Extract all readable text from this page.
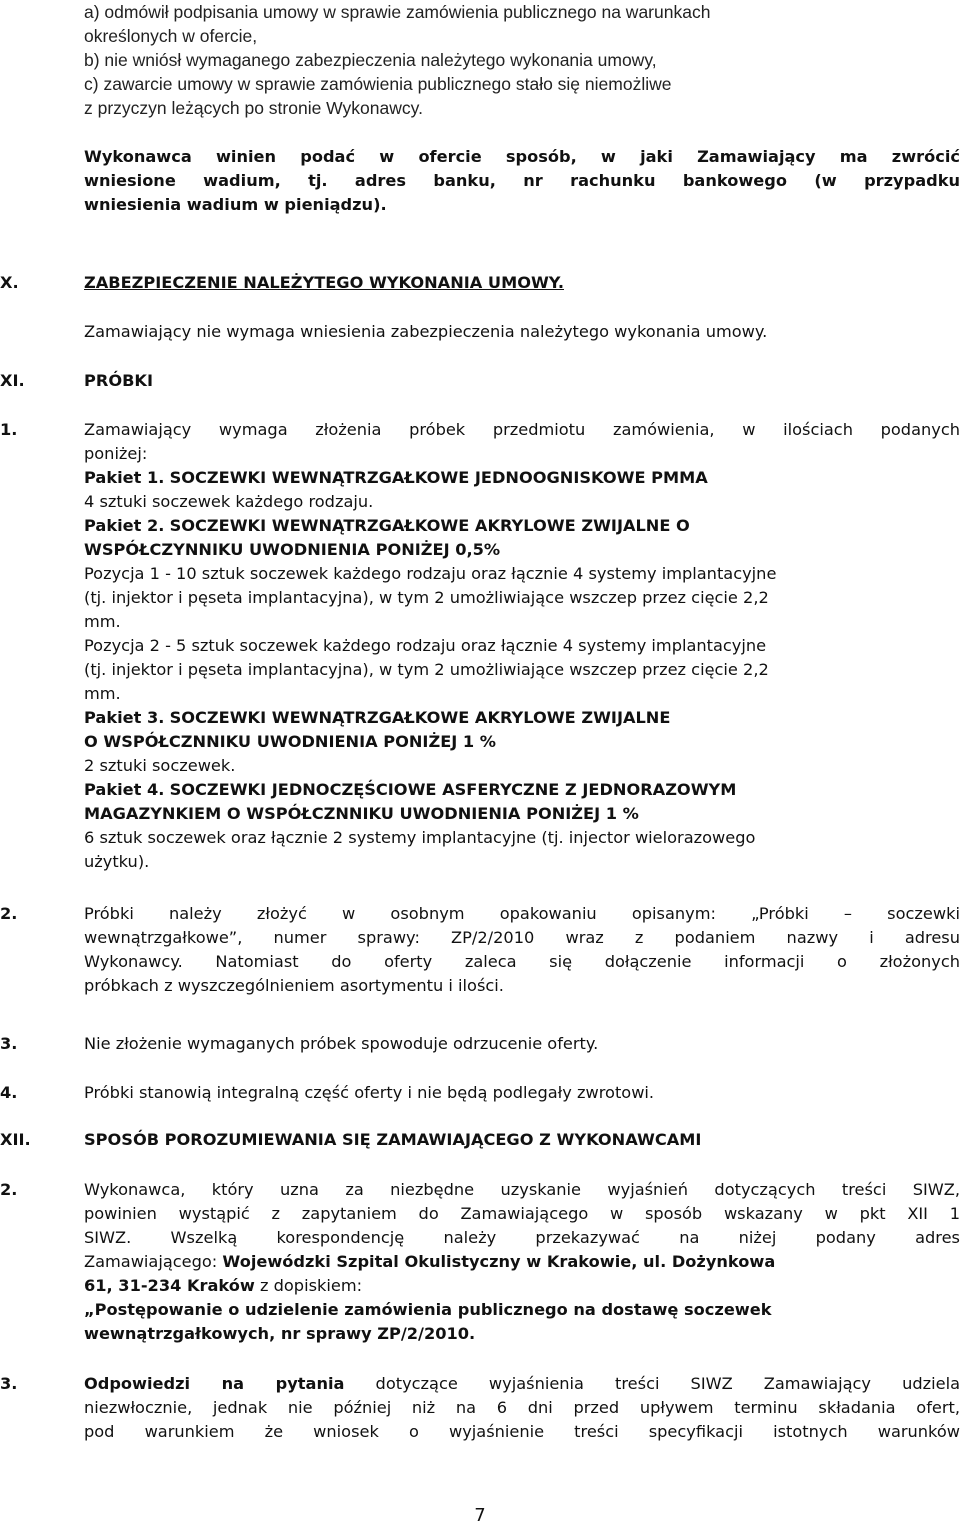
a) odmówił podpisania umowy w sprawie zamówienia publicznego na warunkach
określonych w ofercie,
b) nie wniósł wymaganego zabezpieczenia należytego wykonania umowy,
c) zawarcie umowy w sprawie zamówienia publicznego stało się niemożliwe
z przyczyn leżących po stronie Wykonawcy.
Wykonawca winien podać w ofercie sposób, w jaki Zamawiający ma zwrócić
wniesione wadium, tj. adres banku, nr rachunku bankowego (w przypadku
wniesienia wadium w pieniądzu).
X.	ZABEZPIECZENIE NALEŻYTEGO WYKONANIA UMOWY.
Zamawiający nie wymaga wniesienia zabezpieczenia należytego wykonania umowy.
XI.	PRÓBKI
1.	Zamawiający wymaga złożenia próbek przedmiotu zamówienia, w ilościach podanych
poniżej:
Pakiet 1. SOCZEWKI WEWNĄTRZGAŁKOWE JEDNOOGNISKOWE PMMA
4 sztuki soczewek każdego rodzaju.
Pakiet 2. SOCZEWKI WEWNĄTRZGAŁKOWE AKRYLOWE ZWIJALNE O
WSPÓŁCZYNNIKU UWODNIENIA PONIŻEJ 0,5%
Pozycja 1 - 10 sztuk soczewek każdego rodzaju oraz łącznie 4 systemy implantacyjne
(tj. injektor i pęseta implantacyjna), w tym 2 umożliwiające wszczep przez cięcie 2,2
mm.
Pozycja 2 - 5 sztuk soczewek każdego rodzaju oraz łącznie 4 systemy implantacyjne
(tj. injektor i pęseta implantacyjna), w tym 2 umożliwiające wszczep przez cięcie 2,2
mm.
Pakiet 3. SOCZEWKI WEWNĄTRZGAŁKOWE AKRYLOWE ZWIJALNE
O WSPÓŁCZNNIKU UWODNIENIA PONIŻEJ 1 %
2 sztuki soczewek.
Pakiet 4. SOCZEWKI JEDNOCZĘŚCIOWE ASFERYCZNE Z JEDNORAZOWYM
MAGAZYNKIEM O WSPÓŁCZNNIKU UWODNIENIA PONIŻEJ 1 %
6 sztuk soczewek oraz łącznie 2 systemy implantacyjne (tj. injector wielorazowego
użytku).
2.	Próbki należy złożyć w osobnym opakowaniu opisanym: „Próbki – soczewki
wewnątrzgałkowe”, numer sprawy: ZP/2/2010 wraz z podaniem nazwy i adresu
Wykonawcy. Natomiast do oferty zaleca się dołączenie informacji o złożonych
próbkach z wyszczególnieniem asortymentu i ilości.
3.	Nie złożenie wymaganych próbek spowoduje odrzucenie oferty.
4.	Próbki stanowią integralną część oferty i nie będą podlegały zwrotowi.
XII.	SPOSÓB POROZUMIEWANIA SIĘ ZAMAWIAJĄCEGO Z WYKONAWCAMI
2.	Wykonawca, który uzna za niezbędne uzyskanie wyjaśnień dotyczących treści SIWZ,
powinien wystąpić z zapytaniem do Zamawiającego w sposób wskazany w pkt XII 1
SIWZ. Wszelką korespondencję należy przekazywać na niżej podany adres
Zamawiającego: Wojewódzki Szpital Okulistyczny w Krakowie, ul. Dożynkowa
61, 31-234 Kraków z dopiskiem:
„Postępowanie o udzielenie zamówienia publicznego na dostawę soczewek
wewnątrzgałkowych, nr sprawy ZP/2/2010.
3.	Odpowiedzi na pytania dotyczące wyjaśnienia treści SIWZ Zamawiający udziela
niezwłocznie, jednak nie później niż na 6 dni przed upływem terminu składania ofert,
pod warunkiem że wniosek o wyjaśnienie treści specyfikacji istotnych warunków
7
